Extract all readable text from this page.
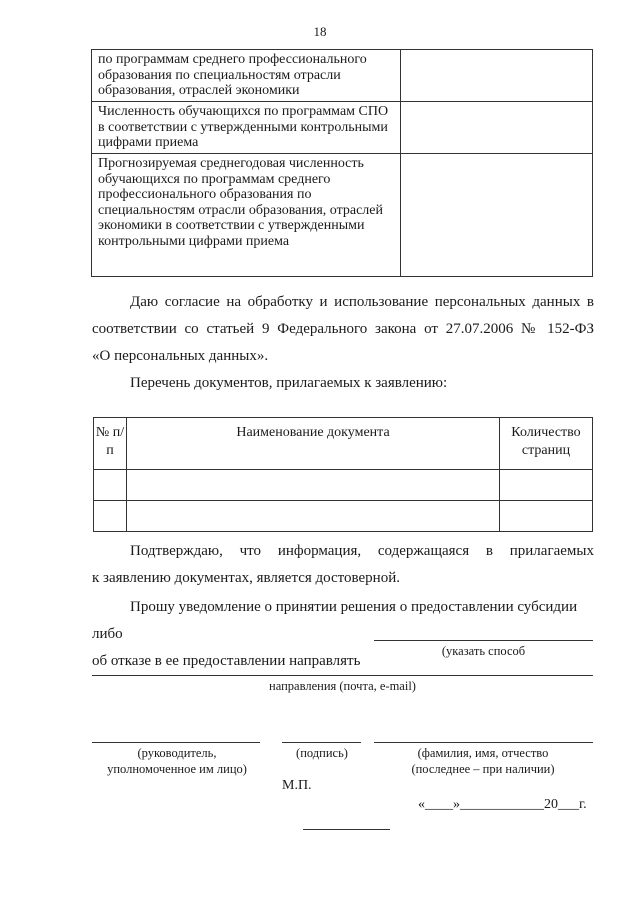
18
по программам среднего профессионального образования по специальностям отрасли образования, отраслей экономики	
Численность обучающихся по программам СПО в соответствии с утвержденными контрольными цифрами приема	
Прогнозируемая среднегодовая численность обучающихся по программам среднего профессионального образования по специальностям отрасли образования, отраслей экономики в соответствии с утвержденными контрольными цифрами приема	
Даю согласие на обработку и использование персональных данных в
соответствии со статьей 9 Федерального закона от 27.07.2006 № 152-ФЗ
«О персональных данных».
Перечень документов, прилагаемых к заявлению:
№ п/п	Наименование документа	Количество страниц

Подтверждаю, что информация, содержащаяся в прилагаемых
к заявлению документах, является достоверной.
Прошу уведомление о принятии решения о предоставлении субсидии либо
об отказе в ее предоставлении направлять
(указать способ
направления (почта, e-mail)
(руководитель,
уполномоченное им лицо)
(подпись)	(фамилия, имя, отчество
(последнее – при наличии)
М.П.
«____»____________20___г.
